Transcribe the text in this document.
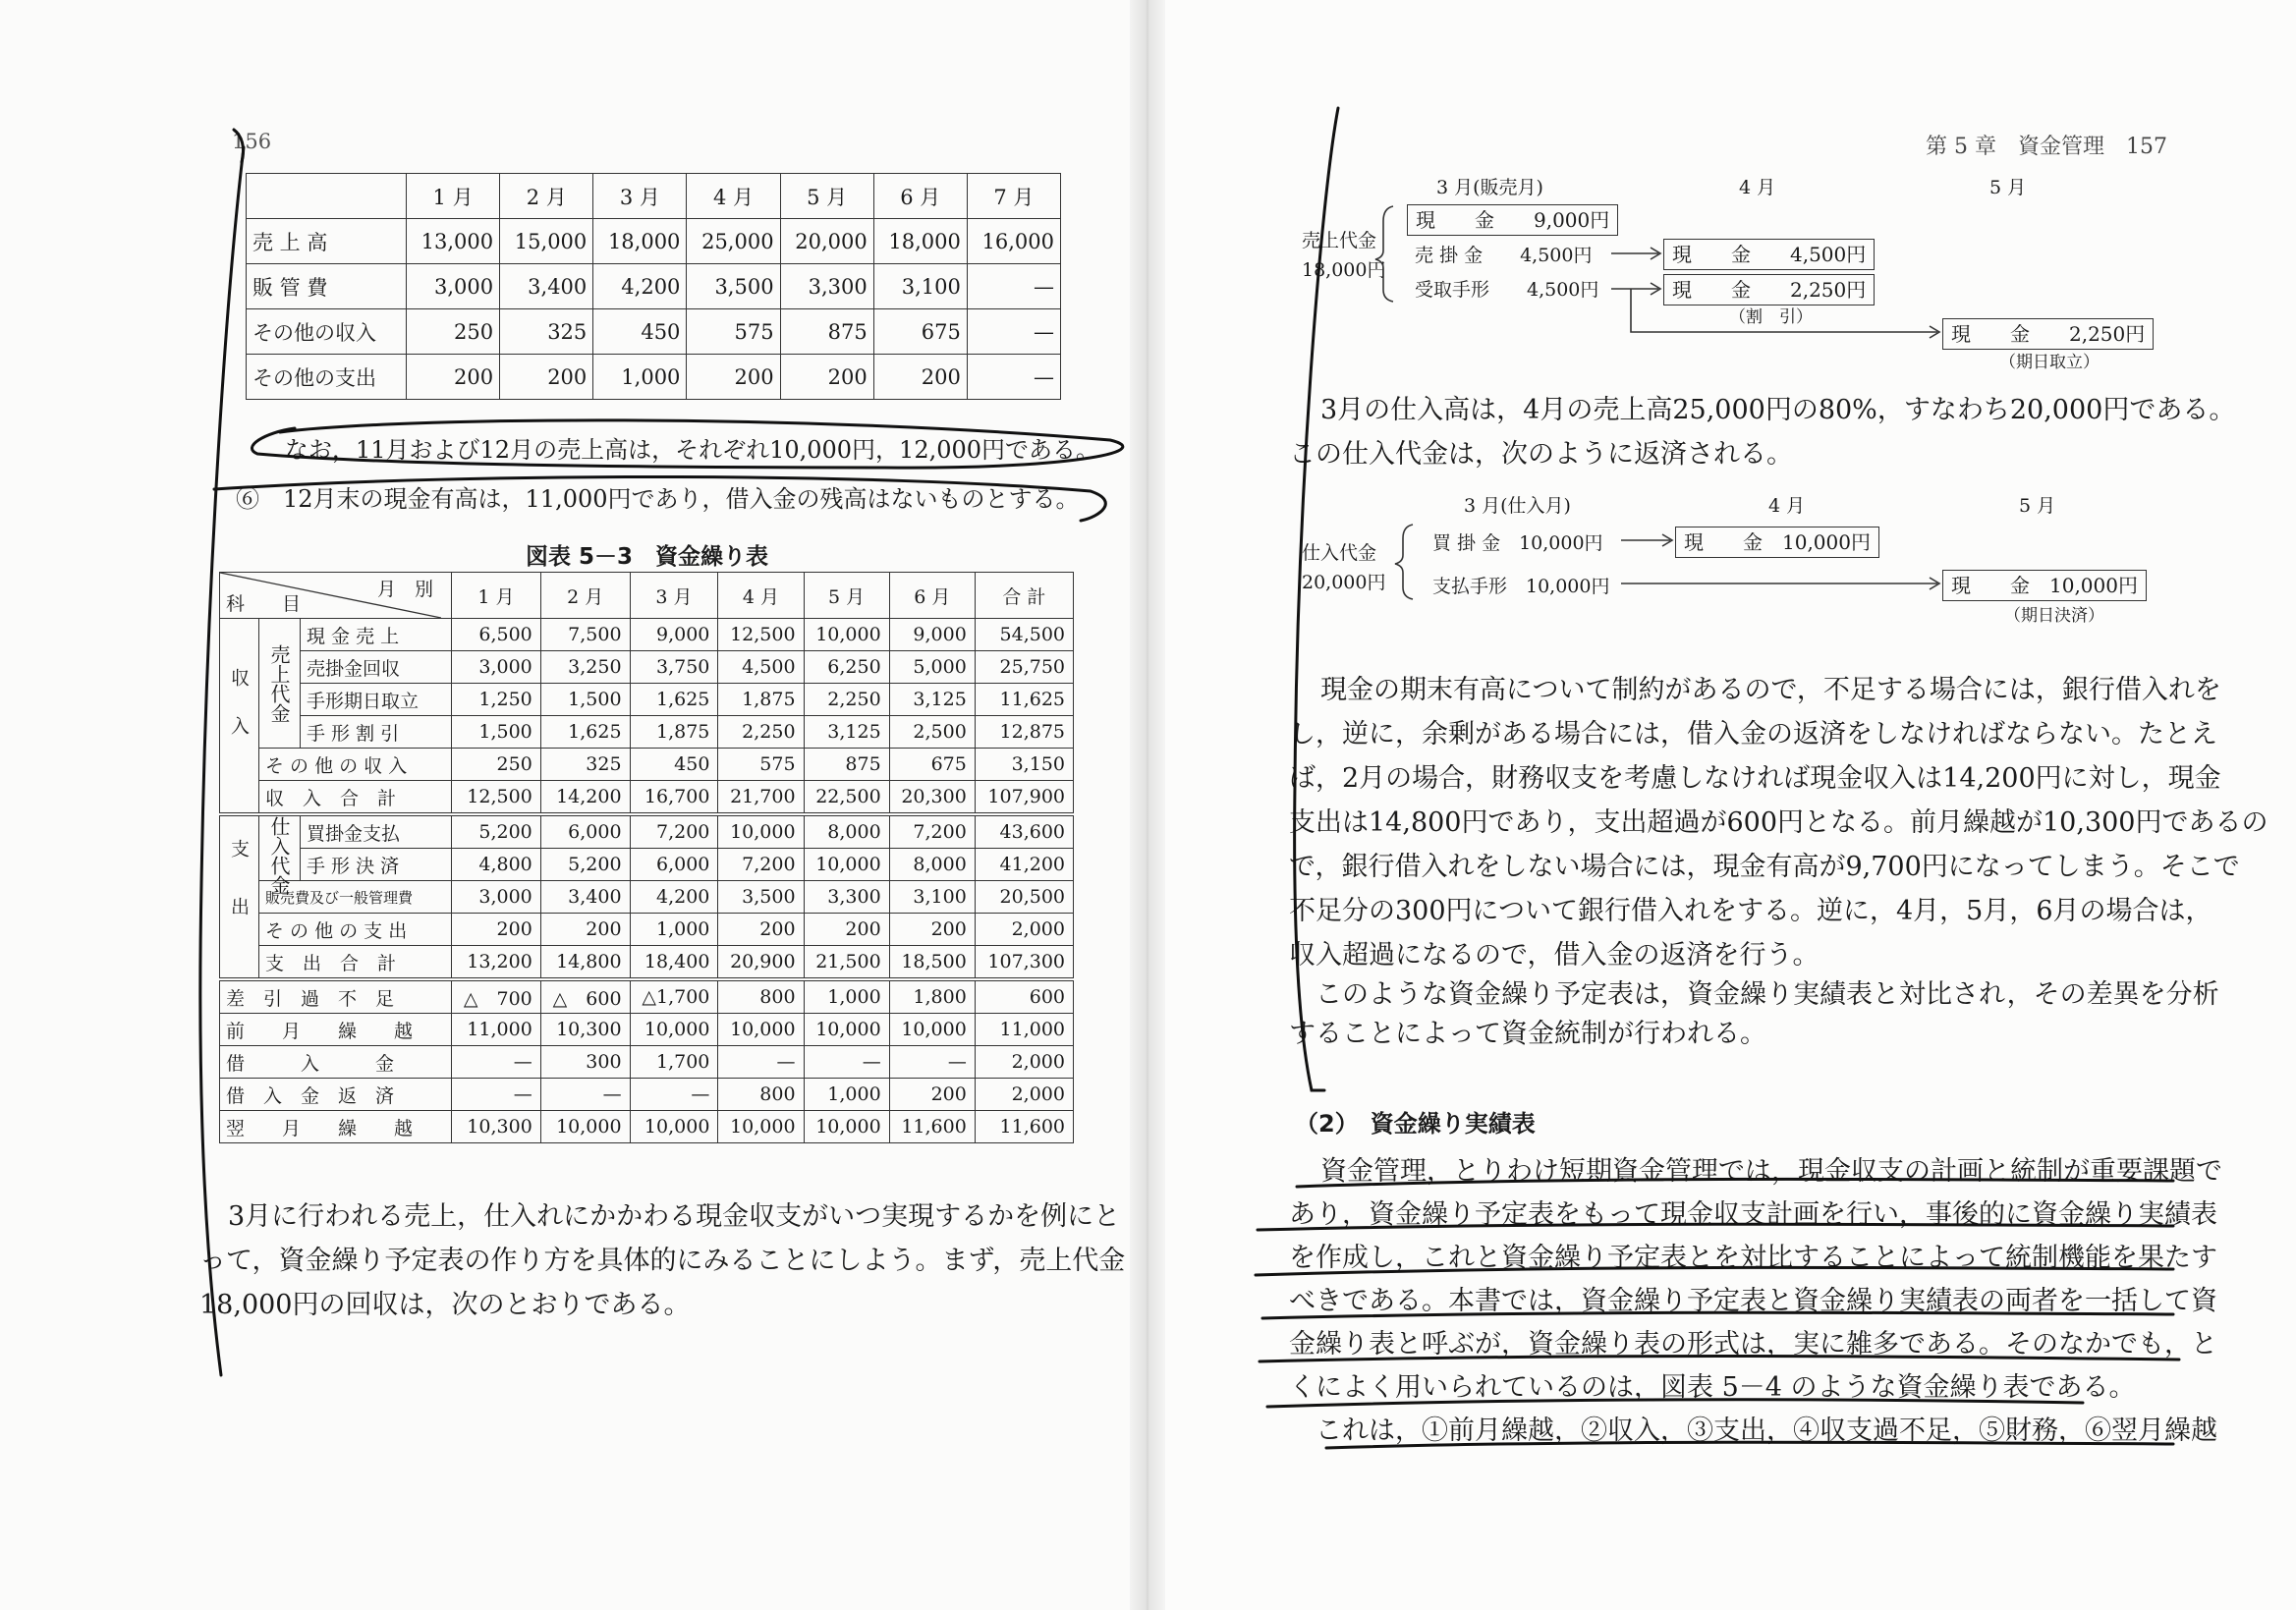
156
	1 月	2 月	3 月	4 月	5 月	6 月	7 月
売 上 高	13,000	15,000	18,000	25,000	20,000	18,000	16,000
販 管 費	3,000	3,400	4,200	3,500	3,300	3,100	—
その他の収入	250	325	450	575	875	675	—
その他の支出	200	200	1,000	200	200	200	—
なお，11月および12月の売上高は，それぞれ10,000円，12,000円である。
⑥　12月末の現金有高は，11,000円であり，借入金の残高はないものとする。
図表 5－3　資金繰り表
月　別
科　　目			1 月	2 月	3 月	4 月	5 月	6 月	合 計
収入	売上代金	現 金 売 上	6,500	7,500	9,000	12,500	10,000	9,000	54,500
		売掛金回収	3,000	3,250	3,750	4,500	6,250	5,000	25,750
		手形期日取立	1,250	1,500	1,625	1,875	2,250	3,125	11,625
		手 形 割 引	1,500	1,625	1,875	2,250	3,125	2,500	12,875
	そ の 他 の 収 入		250	325	450	575	875	675	3,150
	収　入　合　計		12,500	14,200	16,700	21,700	22,500	20,300	107,900
支出	仕入代金	買掛金支払	5,200	6,000	7,200	10,000	8,000	7,200	43,600
		手 形 決 済	4,800	5,200	6,000	7,200	10,000	8,000	41,200
	販売費及び一般管理費		3,000	3,400	4,200	3,500	3,300	3,100	20,500
	そ の 他 の 支 出		200	200	1,000	200	200	200	2,000
	支　出　合　計		13,200	14,800	18,400	20,900	21,500	18,500	107,300
差　引　過　不　足			△　700	△　600	△1,700	800	1,000	1,800	600
前　　月　　繰　　越			11,000	10,300	10,000	10,000	10,000	10,000	11,000
借　　　入　　　金			—	300	1,700	—	—	—	2,000
借　入　金　返　済			—	—	—	800	1,000	200	2,000
翌　　月　　繰　　越			10,300	10,000	10,000	10,000	10,000	11,600	11,600
3月に行われる売上，仕入れにかかわる現金収支がいつ実現するかを例にと
って，資金繰り予定表の作り方を具体的にみることにしよう。まず，売上代金
18,000円の回収は，次のとおりである。
第 5 章　資金管理　157
3 月(販売月)	4 月	5 月
売上代金
18,000円
現　　金　　9,000円
売 掛 金　　4,500円
受取手形　　4,500円
現　　金　　4,500円
現　　金　　2,250円
（割　引）
現　　金　　2,250円
（期日取立）
3月の仕入高は，4月の売上高25,000円の80%，すなわち20,000円である。
この仕入代金は，次のように返済される。
3 月(仕入月)	4 月	5 月
仕入代金
20,000円
買 掛 金　10,000円
支払手形　10,000円
現　　金　10,000円
現　　金　10,000円
（期日決済）
現金の期末有高について制約があるので，不足する場合には，銀行借入れを
し，逆に，余剰がある場合には，借入金の返済をしなければならない。たとえ
ば，2月の場合，財務収支を考慮しなければ現金収入は14,200円に対し，現金
支出は14,800円であり，支出超過が600円となる。前月繰越が10,300円であるの
で，銀行借入れをしない場合には，現金有高が9,700円になってしまう。そこで
不足分の300円について銀行借入れをする。逆に，4月，5月，6月の場合は，
収入超過になるので，借入金の返済を行う。
　このような資金繰り予定表は，資金繰り実績表と対比され，その差異を分析
することによって資金統制が行われる。
（2）　資金繰り実績表
資金管理，とりわけ短期資金管理では，現金収支の計画と統制が重要課題で
あり，資金繰り予定表をもって現金収支計画を行い，事後的に資金繰り実績表
を作成し，これと資金繰り予定表とを対比することによって統制機能を果たす
べきである。本書では，資金繰り予定表と資金繰り実績表の両者を一括して資
金繰り表と呼ぶが，資金繰り表の形式は，実に雑多である。そのなかでも，と
くによく用いられているのは，図表 5－4 のような資金繰り表である。
　これは，①前月繰越，②収入，③支出，④収支過不足，⑤財務，⑥翌月繰越
